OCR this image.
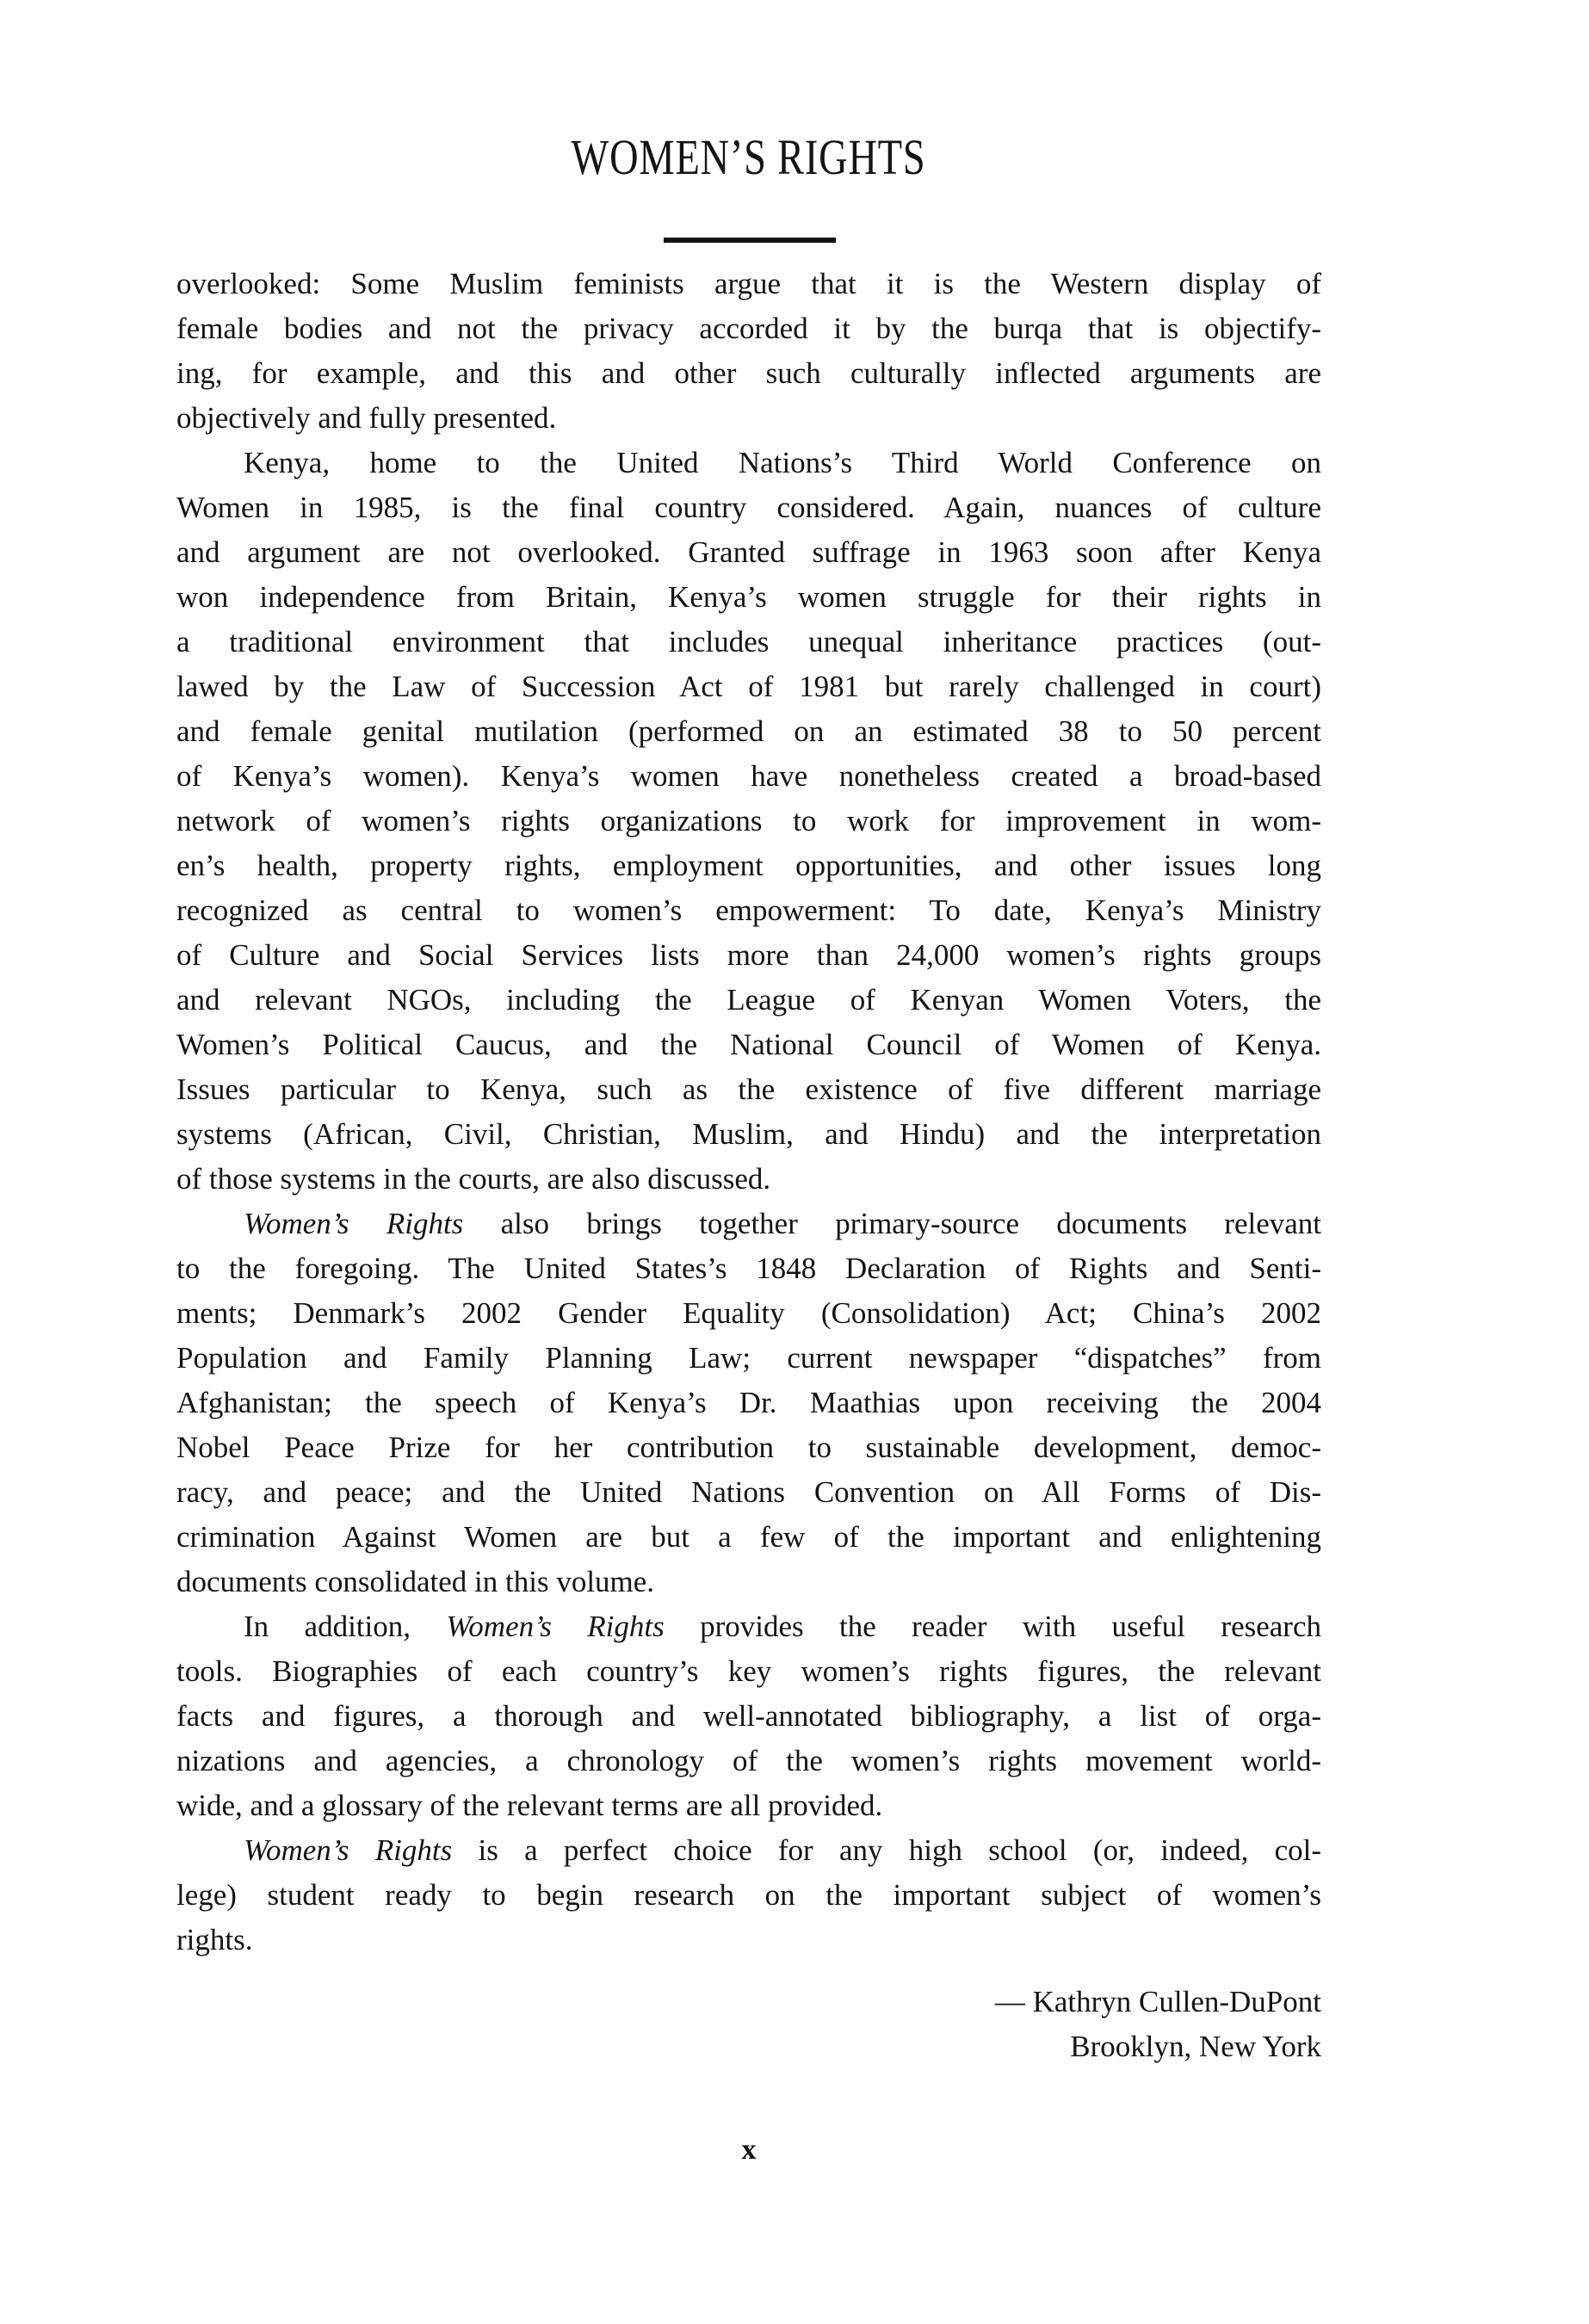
WOMEN’S RIGHTS
overlooked: Some Muslim feminists argue that it is the Western display of
female bodies and not the privacy accorded it by the burqa that is objectify-
ing, for example, and this and other such culturally inflected arguments are
objectively and fully presented.
Kenya, home to the United Nations’s Third World Conference on
Women in 1985, is the final country considered. Again, nuances of culture
and argument are not overlooked. Granted suffrage in 1963 soon after Kenya
won independence from Britain, Kenya’s women struggle for their rights in
a traditional environment that includes unequal inheritance practices (out-
lawed by the Law of Succession Act of 1981 but rarely challenged in court)
and female genital mutilation (performed on an estimated 38 to 50 percent
of Kenya’s women). Kenya’s women have nonetheless created a broad-based
network of women’s rights organizations to work for improvement in wom-
en’s health, property rights, employment opportunities, and other issues long
recognized as central to women’s empowerment: To date, Kenya’s Ministry
of Culture and Social Services lists more than 24,000 women’s rights groups
and relevant NGOs, including the League of Kenyan Women Voters, the
Women’s Political Caucus, and the National Council of Women of Kenya.
Issues particular to Kenya, such as the existence of five different marriage
systems (African, Civil, Christian, Muslim, and Hindu) and the interpretation
of those systems in the courts, are also discussed.
Women’s Rights also brings together primary-source documents relevant
to the foregoing. The United States’s 1848 Declaration of Rights and Senti-
ments; Denmark’s 2002 Gender Equality (Consolidation) Act; China’s 2002
Population and Family Planning Law; current newspaper “dispatches” from
Afghanistan; the speech of Kenya’s Dr. Maathias upon receiving the 2004
Nobel Peace Prize for her contribution to sustainable development, democ-
racy, and peace; and the United Nations Convention on All Forms of Dis-
crimination Against Women are but a few of the important and enlightening
documents consolidated in this volume.
In addition, Women’s Rights provides the reader with useful research
tools. Biographies of each country’s key women’s rights figures, the relevant
facts and figures, a thorough and well-annotated bibliography, a list of orga-
nizations and agencies, a chronology of the women’s rights movement world-
wide, and a glossary of the relevant terms are all provided.
Women’s Rights is a perfect choice for any high school (or, indeed, col-
lege) student ready to begin research on the important subject of women’s
rights.
— Kathryn Cullen-DuPont
Brooklyn, New York
x
